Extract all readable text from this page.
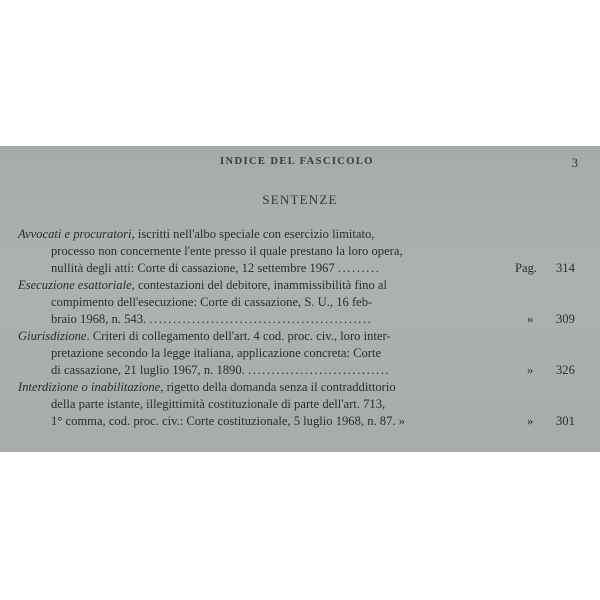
INDICE DEL FASCICOLO	3
SENTENZE
Avvocati e procuratori, iscritti nell'albo speciale con esercizio limitato,
processo non concernente l'ente presso il quale prestano la loro opera,
nullità degli atti: Corte di cassazione, 12 settembre 1967 .........	Pag. 314
Esecuzione esattoriale, contestazioni del debitore, inammissibilità fino al
compimento dell'esecuzione: Corte di cassazione, S. U., 16 feb-
braio 1968, n. 543. ...............................................	» 309
Giurisdizione. Criteri di collegamento dell'art. 4 cod. proc. civ., loro inter-
pretazione secondo la legge italiana, applicazione concreta: Corte
di cassazione, 21 luglio 1967, n. 1890. ..............................	» 326
Interdizione o inabilitazione, rigetto della domanda senza il contraddittorio
della parte istante, illegittimità costituzionale di parte dell'art. 713,
1° comma, cod. proc. civ.: Corte costituzionale, 5 luglio 1968, n. 87. »	» 301
